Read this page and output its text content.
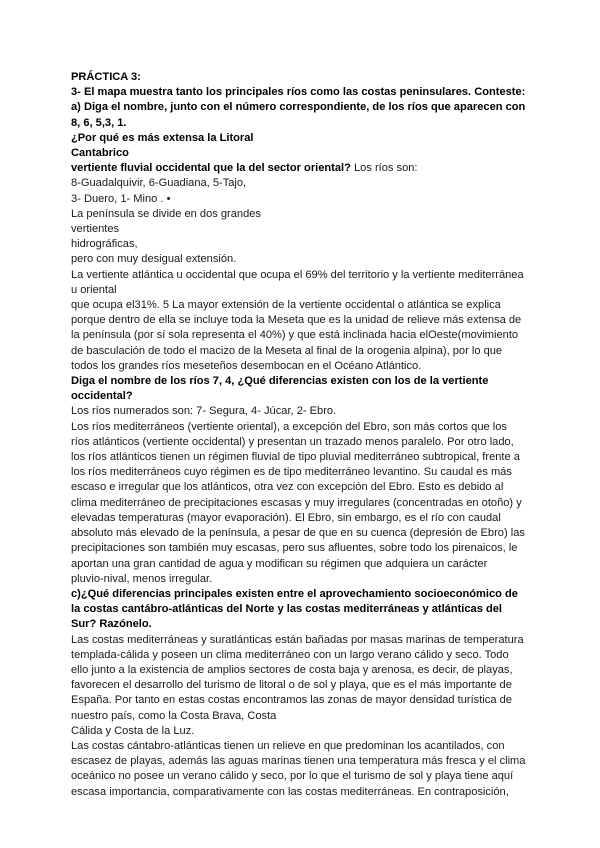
PRÁCTICA 3:
3- El mapa muestra tanto los principales ríos como las costas peninsulares. Conteste:
a) Diga el nombre, junto con el número correspondiente, de los ríos que aparecen con
8, 6, 5,3, 1.
¿Por qué es más extensa la Litoral
Cantabrico
vertiente fluvial occidental que la del sector oriental? Los ríos son:
8-Guadalquivir, 6-Guadiana, 5-Tajo,
3- Duero, 1- Mino . •
La península se divide en dos grandes
vertientes
hidrográficas,
pero con muy desigual extensión.
La vertiente atlántica u occidental que ocupa el 69% del territorio y la vertiente mediterránea
u oriental
que ocupa el31%. 5 La mayor extensión de la vertiente occidental o atlántica se explica
porque dentro de ella se incluye toda la Meseta que es la unidad de relieve más extensa de
la península (por sí sola representa el 40%) y que está inclinada hacia elOeste(movimiento
de basculación de todo el macizo de la Meseta al final de la orogenia alpina), por lo que
todos los grandes ríos meseteños desembocan en el Océano Atlántico.
Diga el nombre de los ríos 7, 4, ¿Qué diferencias existen con los de la vertiente
occidental?
Los ríos numerados son: 7- Segura, 4- Júcar, 2- Ebro.
Los ríos mediterráneos (vertiente oriental), a excepción del Ebro, son más cortos que los
ríos atlánticos (vertiente occidental) y presentan un trazado menos paralelo. Por otro lado,
los ríos atlánticos tienen un régimen fluvial de tipo pluvial mediterráneo subtropical, frente a
los ríos mediterráneos cuyo régimen es de tipo mediterráneo levantino. Su caudal es más
escaso e irregular que los atlánticos, otra vez con excepción del Ebro. Esto es debido al
clima mediterráneo de precipitaciones escasas y muy irregulares (concentradas en otoño) y
elevadas temperaturas (mayor evaporación). El Ebro, sin embargo, es el río con caudal
absoluto más elevado de la península, a pesar de que en su cuenca (depresión de Ebro) las
precipitaciones son también muy escasas, pero sus afluentes, sobre todo los pirenaicos, le
aportan una gran cantidad de agua y modifican su régimen que adquiera un carácter
pluvio-nival, menos irregular.
c)¿Qué diferencias principales existen entre el aprovechamiento socioeconómico de
la costas cantábro-atlánticas del Norte y las costas mediterráneas y atlánticas del
Sur? Razónelo.
Las costas mediterráneas y suratlánticas están bañadas por masas marinas de temperatura
templada-cálida y poseen un clima mediterráneo con un largo verano cálido y seco. Todo
ello junto a la existencia de amplios sectores de costa baja y arenosa, es decir, de playas,
favorecen el desarrollo del turismo de litoral o de sol y playa, que es el más importante de
España. Por tanto en estas costas encontramos las zonas de mayor densidad turística de
nuestro país, como la Costa Brava, Costa
Cálida y Costa de la Luz.
Las costas cántabro-atlánticas tienen un relieve en que predominan los acantilados, con
escasez de playas, además las aguas marinas tienen una temperatura más fresca y el clima
oceánico no posee un verano cálido y seco, por lo que el turismo de sol y playa tiene aquí
escasa importancia, comparativamente con las costas mediterráneas. En contraposición,
